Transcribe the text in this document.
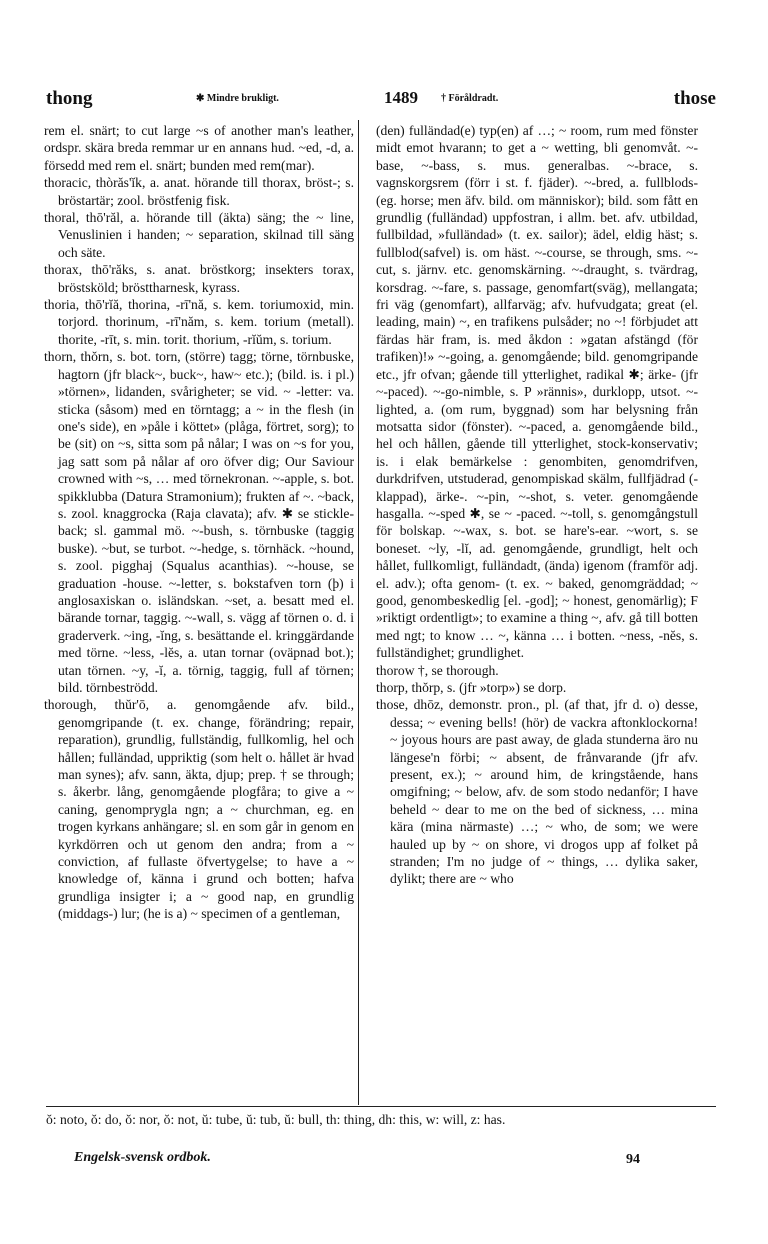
thong	✱ Mindre brukligt.	1489 † Föråldradt.	those

rem el. snärt; to cut large ~s of another man's leather, ordspr. skära breda remmar ur en annans hud. ~ed, -d, a. försedd med rem el. snärt; bunden med rem(mar).

thoracic, thòrăs'ĭk, a. anat. hörande till thorax, bröst-; s. bröstartär; zool. bröstfenig fisk.

thoral, thō'răl, a. hörande till (äkta) säng; the ~ line, Venuslinien i handen; ~ separation, skilnad till säng och säte.

thorax, thō'răks, s. anat. bröstkorg; insekters torax, bröstsköld; brösttharnesk, kyrass.

thoria, thō'rĭă, thorina, -rī'nă, s. kem. toriumoxid, min. torjord. thorinum, -rī'năm, s. kem. torium (metall). thorite, -rīt, s. min. torit. thorium, -rĭŭm, s. torium.

thorn, thŏrn, s. bot. torn, (större) tagg; törne, törnbuske, hagtorn (jfr black~, buck~, haw~ etc.); (bild. is. i pl.) »törnen», lidanden, svårigheter; se vid. ~ -letter: va. sticka (såsom) med en törntagg; a ~ in the flesh (in one's side), en »påle i köttet» (plåga, förtret, sorg); to be (sit) on ~s, sitta som på nålar; I was on ~s for you, jag satt som på nålar af oro öfver dig; Our Saviour crowned with ~s, … med törnekronan. ~-apple, s. bot. spikklubba (Datura Stramonium); frukten af ~. ~back, s. zool. knaggrocka (Raja clavata); afv. ✱ se stickle-back; sl. gammal mö. ~-bush, s. törnbuske (taggig buske). ~but, se turbot. ~-hedge, s. törnhäck. ~hound, s. zool. pigghaj (Squalus acanthias). ~-house, se graduation -house. ~-letter, s. bokstafven torn (þ) i anglosaxiskan o. isländskan. ~set, a. besatt med el. bärande tornar, taggig. ~-wall, s. vägg af törnen o. d. i graderverk. ~ing, -ĭng, s. besättande el. kringgärdande med törne. ~less, -lĕs, a. utan tornar (oväpnad bot.); utan törnen. ~y, -ĭ, a. törnig, taggig, full af törnen; bild. törnbeströdd.

thorough, thŭr'ō, a. genomgående afv. bild., genomgripande (t. ex. change, förändring; repair, reparation), grundlig, fullständig, fullkomlig, hel och hållen; fulländad, uppriktig (som helt o. hållet är hvad man synes); afv. sann, äkta, djup; prep. † se through; s. åkerbr. lång, genomgående plogfåra; to give a ~ caning, genomprygla ngn; a ~ churchman, eg. en trogen kyrkans anhängare; sl. en som går in genom en kyrkdörren och ut genom den andra; from a ~ conviction, af fullaste öfvertygelse; to have a ~ knowledge of, känna i grund och botten; hafva grundliga insigter i; a ~ good nap, en grundlig (middags-) lur; (he is a) ~ specimen of a gentleman,

(den) fulländad(e) typ(en) af …; ~ room, rum med fönster midt emot hvarann; to get a ~ wetting, bli genomvåt. ~-base, ~-bass, s. mus. generalbas. ~-brace, s. vagnskorgsrem (förr i st. f. fjäder). ~-bred, a. fullblods- (eg. horse; men äfv. bild. om människor); bild. som fått en grundlig (fulländad) uppfostran, i allm. bet. afv. utbildad, fullbildad, »fulländad» (t. ex. sailor); ädel, eldig häst; s. fullblod(safvel) is. om häst. ~-course, se through, sms. ~-cut, s. järnv. etc. genomskärning. ~-draught, s. tvärdrag, korsdrag. ~-fare, s. passage, genomfart(sväg), mellangata; fri väg (genomfart), allfarväg; afv. hufvudgata; great (el. leading, main) ~, en trafikens pulsåder; no ~! förbjudet att färdas här fram, is. med åkdon : »gatan afstängd (för trafiken)!» ~-going, a. genomgående; bild. genomgripande etc., jfr ofvan; gående till ytterlighet, radikal ✱; ärke- (jfr ~-paced). ~-go-nimble, s. P »rännis», durklopp, utsot. ~-lighted, a. (om rum, byggnad) som har belysning från motsatta sidor (fönster). ~-paced, a. genomgående bild., hel och hållen, gående till ytterlighet, stock-konservativ; is. i elak bemärkelse : genombiten, genomdrifven, durkdrifven, utstuderad, genompiskad skälm, fullfjädrad (-klappad), ärke-. ~-pin, ~-shot, s. veter. genomgående hasgalla. ~-sped ✱, se ~ -paced. ~-toll, s. genomgångstull för bolskap. ~-wax, s. bot. se hare's-ear. ~wort, s. se boneset. ~ly, -lĭ, ad. genomgående, grundligt, helt och hållet, fullkomligt, fulländadt, (ända) igenom (framför adj. el. adv.); ofta genom- (t. ex. ~ baked, genomgräddad; ~ good, genombeskedlig [el. -god]; ~ honest, genomärlig); F »riktigt ordentligt»; to examine a thing ~, afv. gå till botten med ngt; to know … ~, känna … i botten. ~ness, -nĕs, s. fullständighet; grundlighet.

thorow †, se thorough.

thorp, thŏrp, s. (jfr »torp») se dorp.

those, dhōz, demonstr. pron., pl. (af that, jfr d. o) desse, dessa; ~ evening bells! (hör) de vackra aftonklockorna! ~ joyous hours are past away, de glada stunderna äro nu längese'n förbi; ~ absent, de frånvarande (jfr afv. present, ex.); ~ around him, de kringstående, hans omgifning; ~ below, afv. de som stodo nedanför; I have beheld ~ dear to me on the bed of sickness, … mina kära (mina närmaste) …; ~ who, de som; we were hauled up by ~ on shore, vi drogos upp af folket på stranden; I'm no judge of ~ things, … dylika saker, dylikt; there are ~ who

ŏ: noto, ŏ: do, ŏ: nor, ŏ: not, ŭ: tube, ŭ: tub, ŭ: bull, th: thing, dh: this, w: will, z: has.
Engelsk-svensk ordbok.	94
